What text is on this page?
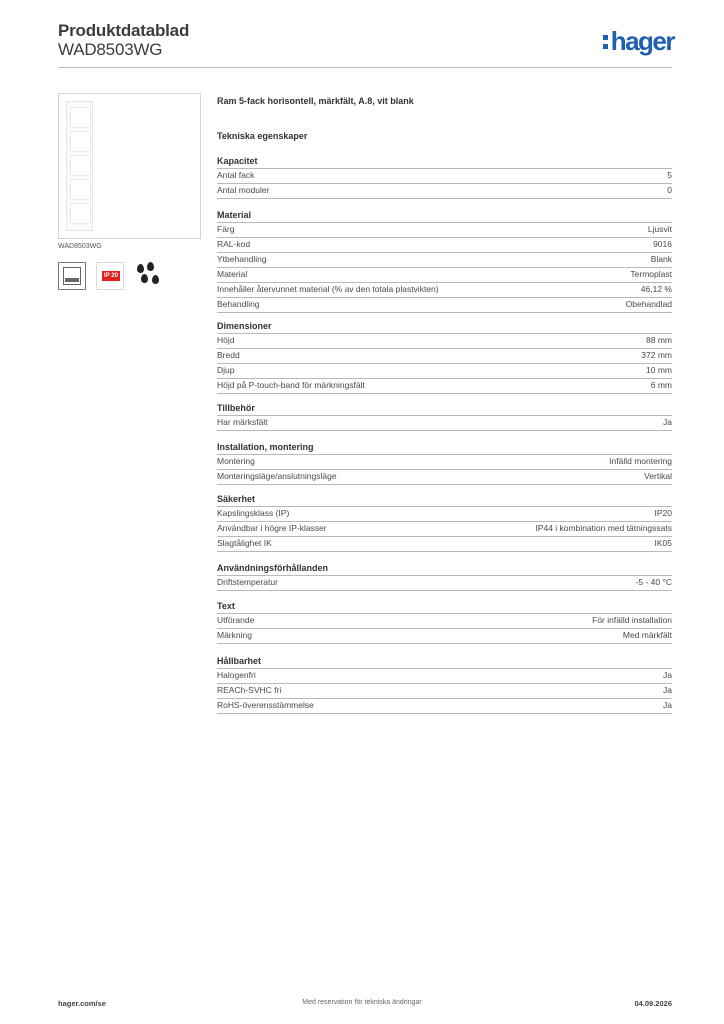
Produktdatablad
WAD8503WG	hager
WAD8503WG
IP 20
Ram 5-fack horisontell, märkfält, A.8, vit blank
Tekniska egenskaper
Kapacitet
Antal fack	5
Antal moduler	0
Material
Färg	Ljusvit
RAL-kod	9016
Ytbehandling	Blank
Material	Termoplast
Innehåller återvunnet material (% av den totala plastvikten)	46,12 %
Behandling	Obehandlad
Dimensioner
Höjd	88 mm
Bredd	372 mm
Djup	10 mm
Höjd på P-touch-band för märkningsfält	6 mm
Tillbehör
Har märksfält	Ja
Installation, montering
Montering	Infälld montering
Monteringsläge/anslutningsläge	Vertikal
Säkerhet
Kapslingsklass (IP)	IP20
Användbar i högre IP-klasser	IP44 i kombination med tätningssats
Slagtålighet IK	IK05
Användningsförhållanden
Driftstemperatur	-5 - 40 °C
Text
Utförande	För infälld installation
Märkning	Med märkfält
Hållbarhet
Halogenfri	Ja
REACh-SVHC fri	Ja
RoHS-överensstämmelse	Ja
hager.com/se	Med reservation för tekniska ändringar	04.09.2026
